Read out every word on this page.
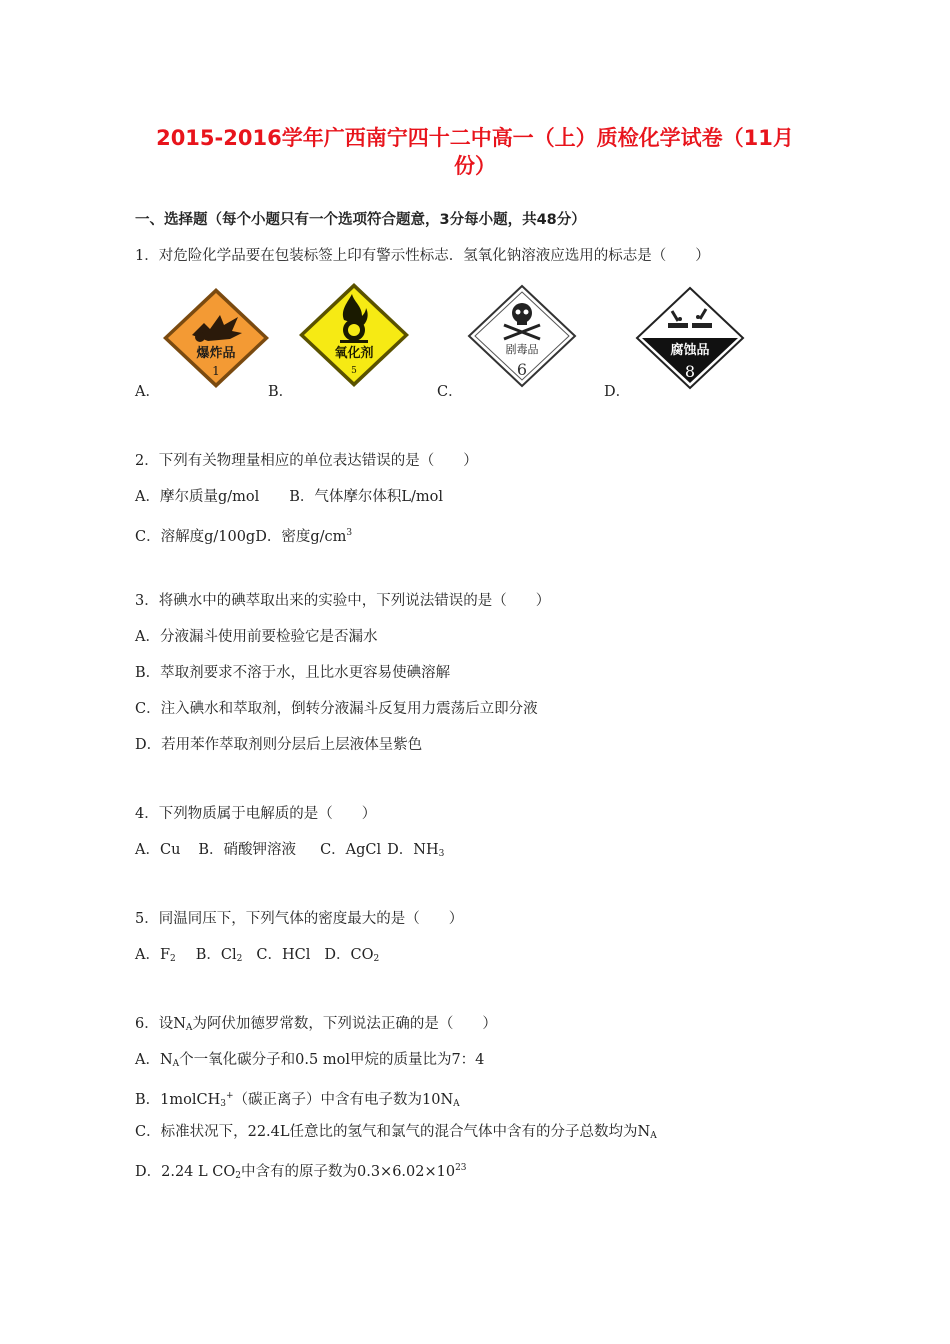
2015-2016学年广西南宁四十二中高一（上）质检化学试卷（11月
份）
一、选择题（每个小题只有一个选项符合题意，3分每小题，共48分）
1．对危险化学品要在包装标签上印有警示性标志．氢氧化钠溶液应选用的标志是（　　）
A．	B．	C．	D．
爆炸品
1
氧化剂
5
剧毒品
6
腐蚀品
8
2．下列有关物理量相应的单位表达错误的是（　　）
A．摩尔质量g/mol B．气体摩尔体积L/mol
C．溶解度g/100gD．密度$g/cm^3$
3．将碘水中的碘萃取出来的实验中，下列说法错误的是（　　）
A．分液漏斗使用前要检验它是否漏水
B．萃取剂要求不溶于水，且比水更容易使碘溶解
C．注入碘水和萃取剂，倒转分液漏斗反复用力震荡后立即分液
D．若用苯作萃取剂则分层后上层液体呈紫色
4．下列物质属于电解质的是（　　）
A．Cu B．硝酸钾溶液 C．AgCl D．$NH_3$
5．同温同压下，下列气体的密度最大的是（　　）
A．$F_2$ B．$Cl_2$ C．HCl D．$CO_2$
6．设$N_A$为阿伏加德罗常数，下列说法正确的是（　　）
A．$N_A$个一氧化碳分子和0.5 mol甲烷的质量比为7：4
B．1molCH$_3$+（碳正离子）中含有电子数为$10N_A$
C．标准状况下，22.4L任意比的氢气和氯气的混合气体中含有的分子总数均为$N_A$
D．2.24 L $CO_2$中含有的原子数为$0.3\times 6.02\times 10^{23}$
